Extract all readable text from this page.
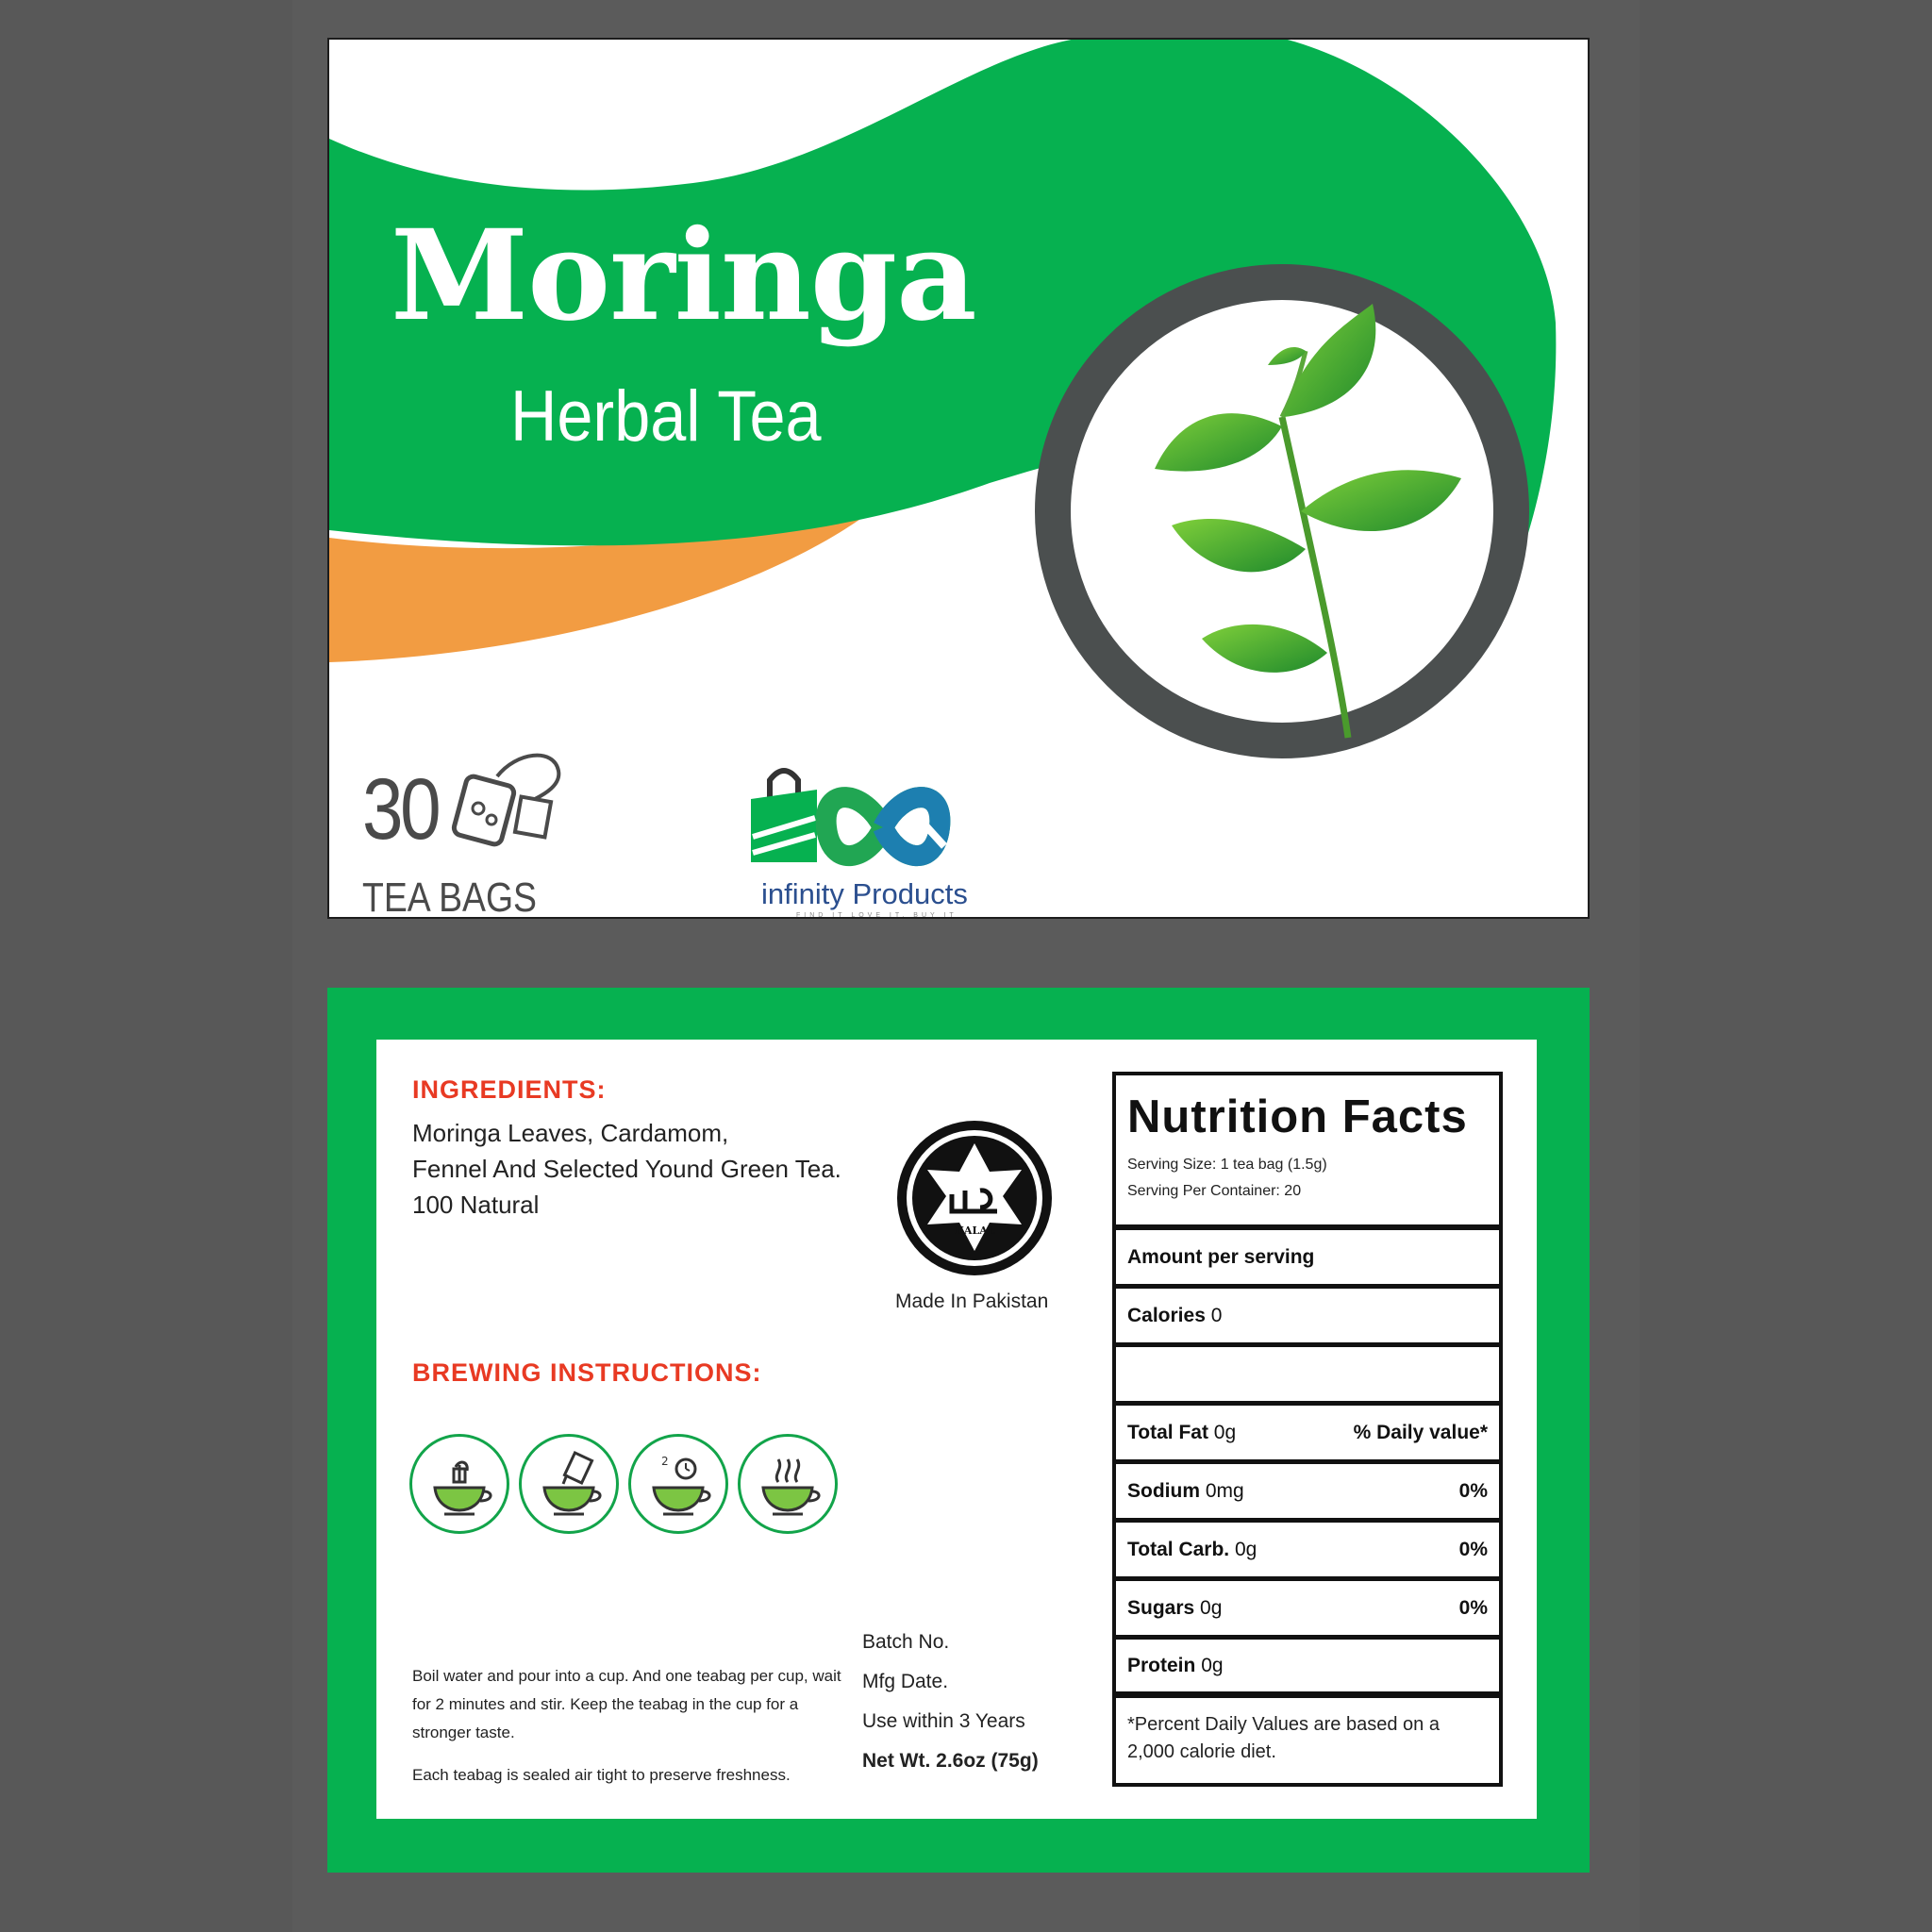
Moringa
Herbal Tea
30
TEA BAGS	infinity Products
FIND IT LOVE IT, BUY IT
INGREDIENTS:
Moringa Leaves, Cardamom,
Fennel And Selected Yound Green Tea.
100 Natural
HALAL
Made In Pakistan
BREWING INSTRUCTIONS:
2
Boil water and pour into a cup. And one teabag per cup, wait for 2 minutes and stir. Keep the teabag in the cup for a stronger taste.
Each teabag is sealed air tight to preserve freshness.
Batch No.
Mfg Date.
Use within 3 Years
Net Wt. 2.6oz (75g)
Nutrition Facts
Serving Size: 1 tea bag (1.5g)
Serving Per Container: 20
Amount per serving
Calories 0
Total Fat 0g	% Daily value*
Sodium 0mg	0%
Total Carb. 0g	0%
Sugars 0g	0%
Protein 0g
*Percent Daily Values are based on a 2,000 calorie diet.
